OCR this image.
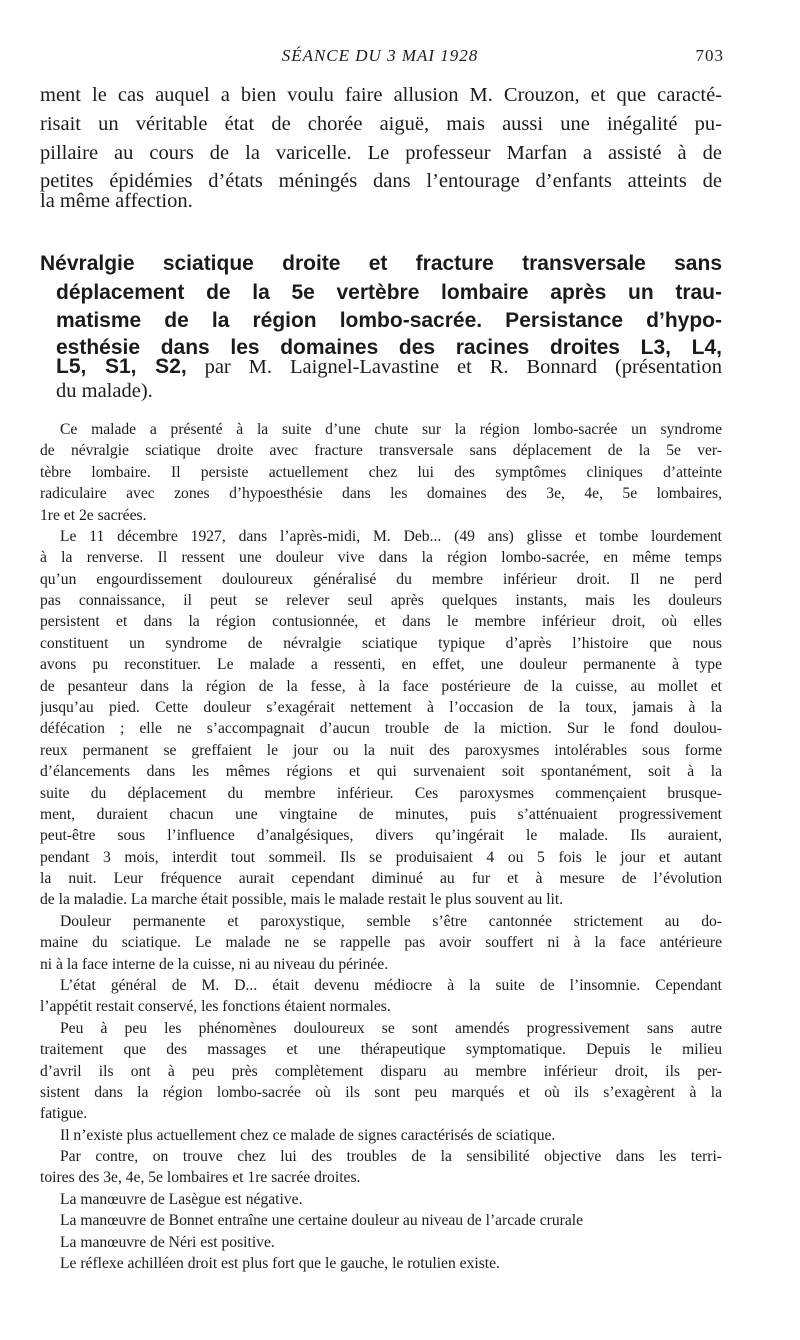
SÉANCE DU 3 MAI 1928	703
ment le cas auquel a bien voulu faire allusion M. Crouzon, et que caracté-
risait un véritable état de chorée aiguë, mais aussi une inégalité pu-
pillaire au cours de la varicelle. Le professeur Marfan a assisté à de
petites épidémies d’états méningés dans l’entourage d’enfants atteints de
la même affection.
Névralgie sciatique droite et fracture transversale sans
déplacement de la 5e vertèbre lombaire après un trau-
matisme de la région lombo-sacrée. Persistance d’hypo-
esthésie dans les domaines des racines droites L3, L4,
L5, S1, S2, par M. Laignel-Lavastine et R. Bonnard (présentation
du malade).
Ce malade a présenté à la suite d’une chute sur la région lombo-sacrée un syndrome
de névralgie sciatique droite avec fracture transversale sans déplacement de la 5e ver-
tèbre lombaire. Il persiste actuellement chez lui des symptômes cliniques d’atteinte
radiculaire avec zones d’hypoesthésie dans les domaines des 3e, 4e, 5e lombaires,
1re et 2e sacrées.
Le 11 décembre 1927, dans l’après-midi, M. Deb... (49 ans) glisse et tombe lourdement
à la renverse. Il ressent une douleur vive dans la région lombo-sacrée, en même temps
qu’un engourdissement douloureux généralisé du membre inférieur droit. Il ne perd
pas connaissance, il peut se relever seul après quelques instants, mais les douleurs
persistent et dans la région contusionnée, et dans le membre inférieur droit, où elles
constituent un syndrome de névralgie sciatique typique d’après l’histoire que nous
avons pu reconstituer. Le malade a ressenti, en effet, une douleur permanente à type
de pesanteur dans la région de la fesse, à la face postérieure de la cuisse, au mollet et
jusqu’au pied. Cette douleur s’exagérait nettement à l’occasion de la toux, jamais à la
défécation ; elle ne s’accompagnait d’aucun trouble de la miction. Sur le fond doulou-
reux permanent se greffaient le jour ou la nuit des paroxysmes intolérables sous forme
d’élancements dans les mêmes régions et qui survenaient soit spontanément, soit à la
suite du déplacement du membre inférieur. Ces paroxysmes commençaient brusque-
ment, duraient chacun une vingtaine de minutes, puis s’atténuaient progressivement
peut-être sous l’influence d’analgésiques, divers qu’ingérait le malade. Ils auraient,
pendant 3 mois, interdit tout sommeil. Ils se produisaient 4 ou 5 fois le jour et autant
la nuit. Leur fréquence aurait cependant diminué au fur et à mesure de l’évolution
de la maladie. La marche était possible, mais le malade restait le plus souvent au lit.
Douleur permanente et paroxystique, semble s’être cantonnée strictement au do-
maine du sciatique. Le malade ne se rappelle pas avoir souffert ni à la face antérieure
ni à la face interne de la cuisse, ni au niveau du périnée.
L’état général de M. D... était devenu médiocre à la suite de l’insomnie. Cependant
l’appétit restait conservé, les fonctions étaient normales.
Peu à peu les phénomènes douloureux se sont amendés progressivement sans autre
traitement que des massages et une thérapeutique symptomatique. Depuis le milieu
d’avril ils ont à peu près complètement disparu au membre inférieur droit, ils per-
sistent dans la région lombo-sacrée où ils sont peu marqués et où ils s’exagèrent à la
fatigue.
Il n’existe plus actuellement chez ce malade de signes caractérisés de sciatique.
Par contre, on trouve chez lui des troubles de la sensibilité objective dans les terri-
toires des 3e, 4e, 5e lombaires et 1re sacrée droites.
La manœuvre de Lasègue est négative.
La manœuvre de Bonnet entraîne une certaine douleur au niveau de l’arcade crurale
La manœuvre de Néri est positive.
Le réflexe achilléen droit est plus fort que le gauche, le rotulien existe.
